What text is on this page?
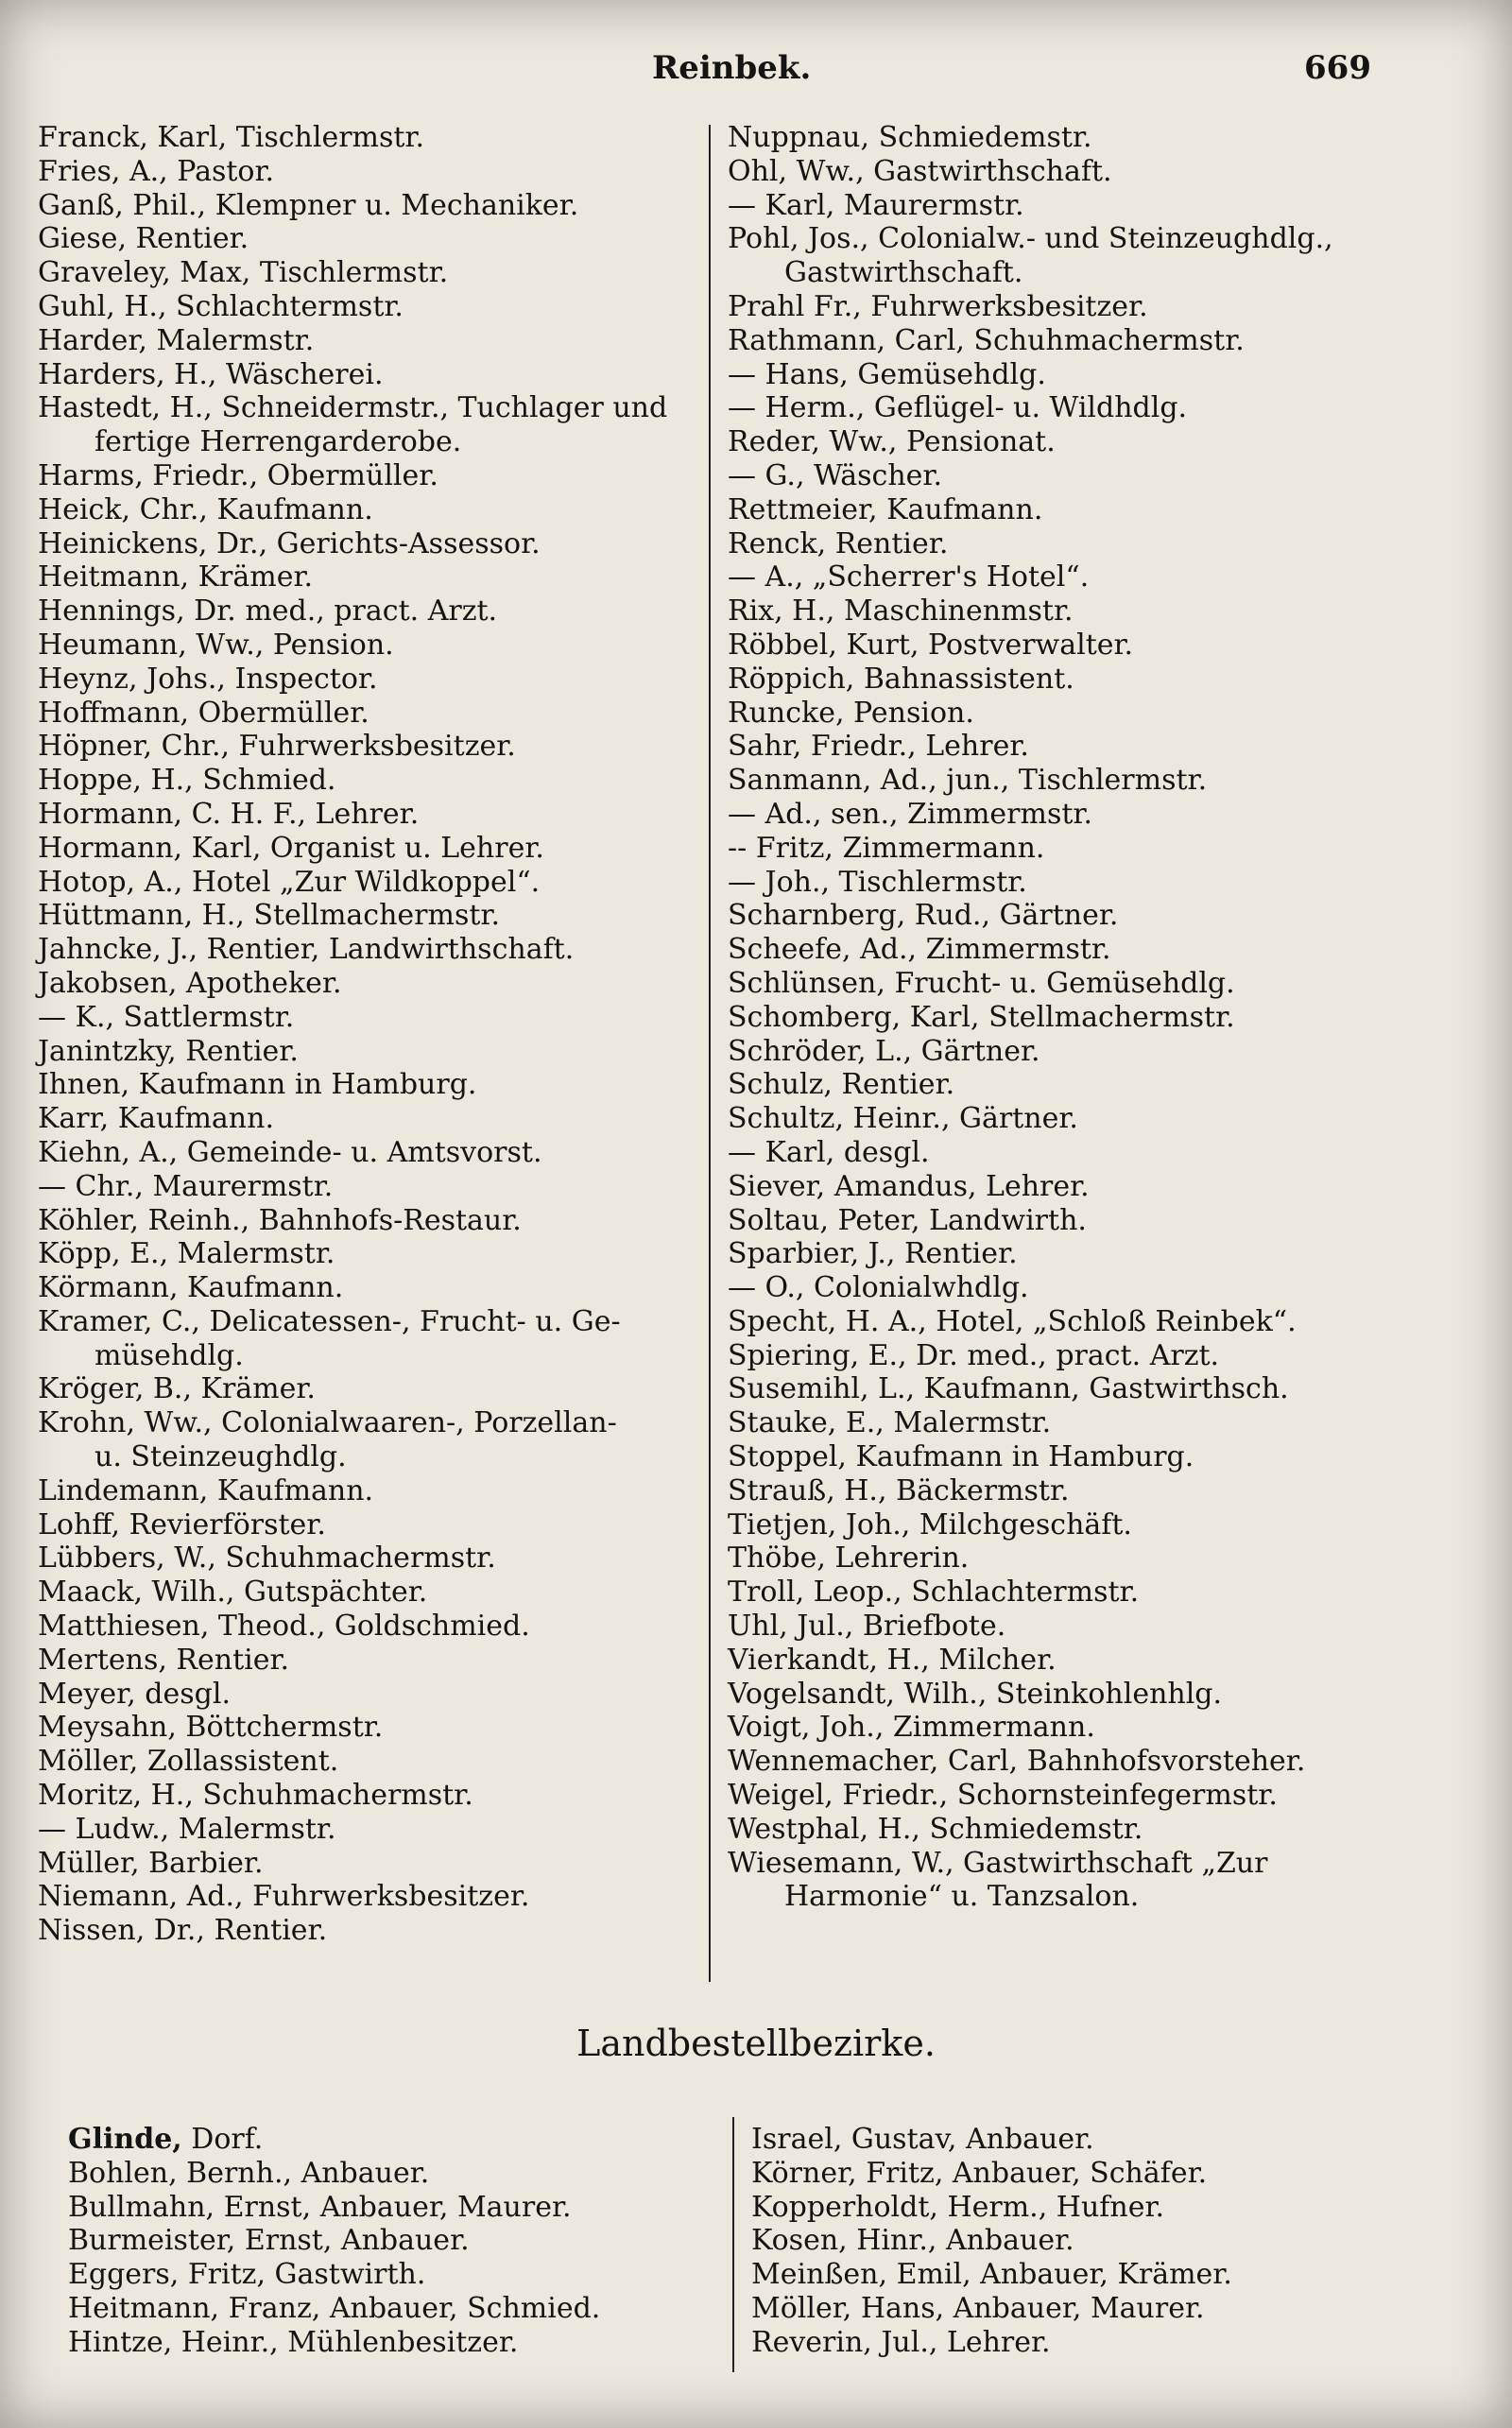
Reinbek.	669
Franck, Karl, Tischlermstr.
Fries, A., Pastor.
Ganß, Phil., Klempner u. Mechaniker.
Giese, Rentier.
Graveley, Max, Tischlermstr.
Guhl, H., Schlachtermstr.
Harder, Malermstr.
Harders, H., Wäscherei.
Hastedt, H., Schneidermstr., Tuchlager und
fertige Herrengarderobe.
Harms, Friedr., Obermüller.
Heick, Chr., Kaufmann.
Heinickens, Dr., Gerichts-Assessor.
Heitmann, Krämer.
Hennings, Dr. med., pract. Arzt.
Heumann, Ww., Pension.
Heynz, Johs., Inspector.
Hoffmann, Obermüller.
Höpner, Chr., Fuhrwerksbesitzer.
Hoppe, H., Schmied.
Hormann, C. H. F., Lehrer.
Hormann, Karl, Organist u. Lehrer.
Hotop, A., Hotel „Zur Wildkoppel“.
Hüttmann, H., Stellmachermstr.
Jahncke, J., Rentier, Landwirthschaft.
Jakobsen, Apotheker.
— K., Sattlermstr.
Janintzky, Rentier.
Ihnen, Kaufmann in Hamburg.
Karr, Kaufmann.
Kiehn, A., Gemeinde- u. Amtsvorst.
— Chr., Maurermstr.
Köhler, Reinh., Bahnhofs-Restaur.
Köpp, E., Malermstr.
Körmann, Kaufmann.
Kramer, C., Delicatessen-, Frucht- u. Ge-
müsehdlg.
Kröger, B., Krämer.
Krohn, Ww., Colonialwaaren-, Porzellan-
u. Steinzeughdlg.
Lindemann, Kaufmann.
Lohff, Revierförster.
Lübbers, W., Schuhmachermstr.
Maack, Wilh., Gutspächter.
Matthiesen, Theod., Goldschmied.
Mertens, Rentier.
Meyer, desgl.
Meysahn, Böttchermstr.
Möller, Zollassistent.
Moritz, H., Schuhmachermstr.
— Ludw., Malermstr.
Müller, Barbier.
Niemann, Ad., Fuhrwerksbesitzer.
Nissen, Dr., Rentier.
Nuppnau, Schmiedemstr.
Ohl, Ww., Gastwirthschaft.
— Karl, Maurermstr.
Pohl, Jos., Colonialw.- und Steinzeughdlg.,
Gastwirthschaft.
Prahl Fr., Fuhrwerksbesitzer.
Rathmann, Carl, Schuhmachermstr.
— Hans, Gemüsehdlg.
— Herm., Geflügel- u. Wildhdlg.
Reder, Ww., Pensionat.
— G., Wäscher.
Rettmeier, Kaufmann.
Renck, Rentier.
— A., „Scherrer's Hotel“.
Rix, H., Maschinenmstr.
Röbbel, Kurt, Postverwalter.
Röppich, Bahnassistent.
Runcke, Pension.
Sahr, Friedr., Lehrer.
Sanmann, Ad., jun., Tischlermstr.
— Ad., sen., Zimmermstr.
-- Fritz, Zimmermann.
— Joh., Tischlermstr.
Scharnberg, Rud., Gärtner.
Scheefe, Ad., Zimmermstr.
Schlünsen, Frucht- u. Gemüsehdlg.
Schomberg, Karl, Stellmachermstr.
Schröder, L., Gärtner.
Schulz, Rentier.
Schultz, Heinr., Gärtner.
— Karl, desgl.
Siever, Amandus, Lehrer.
Soltau, Peter, Landwirth.
Sparbier, J., Rentier.
— O., Colonialwhdlg.
Specht, H. A., Hotel, „Schloß Reinbek“.
Spiering, E., Dr. med., pract. Arzt.
Susemihl, L., Kaufmann, Gastwirthsch.
Stauke, E., Malermstr.
Stoppel, Kaufmann in Hamburg.
Strauß, H., Bäckermstr.
Tietjen, Joh., Milchgeschäft.
Thöbe, Lehrerin.
Troll, Leop., Schlachtermstr.
Uhl, Jul., Briefbote.
Vierkandt, H., Milcher.
Vogelsandt, Wilh., Steinkohlenhlg.
Voigt, Joh., Zimmermann.
Wennemacher, Carl, Bahnhofsvorsteher.
Weigel, Friedr., Schornsteinfegermstr.
Westphal, H., Schmiedemstr.
Wiesemann, W., Gastwirthschaft „Zur
Harmonie“ u. Tanzsalon.
Landbestellbezirke.
Glinde, Dorf.
Bohlen, Bernh., Anbauer.
Bullmahn, Ernst, Anbauer, Maurer.
Burmeister, Ernst, Anbauer.
Eggers, Fritz, Gastwirth.
Heitmann, Franz, Anbauer, Schmied.
Hintze, Heinr., Mühlenbesitzer.
Israel, Gustav, Anbauer.
Körner, Fritz, Anbauer, Schäfer.
Kopperholdt, Herm., Hufner.
Kosen, Hinr., Anbauer.
Meinßen, Emil, Anbauer, Krämer.
Möller, Hans, Anbauer, Maurer.
Reverin, Jul., Lehrer.
